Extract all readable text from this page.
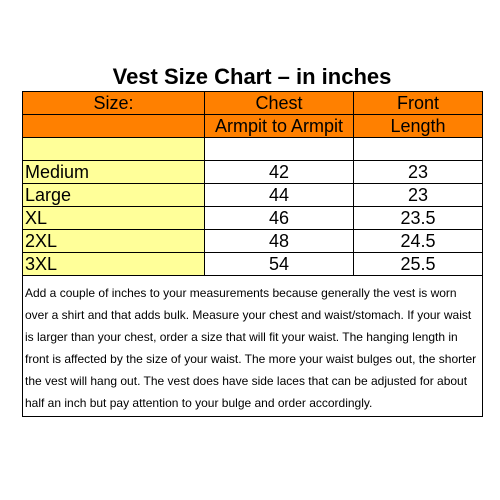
Vest Size Chart – in inches
Size:	Chest	Front
	Armpit to Armpit	Length

Medium	42	23
Large	44	23
XL	46	23.5
2XL	48	24.5
3XL	54	25.5

Add a couple of inches to your measurements because generally the vest is worn over a shirt and that adds bulk. Measure your chest and waist/stomach. If your waist is larger than your chest, order a size that will fit your waist. The hanging length in front is affected by the size of your waist. The more your waist bulges out, the shorter the vest will hang out. The vest does have side laces that can be adjusted for about half an inch but pay attention to your bulge and order accordingly.		
